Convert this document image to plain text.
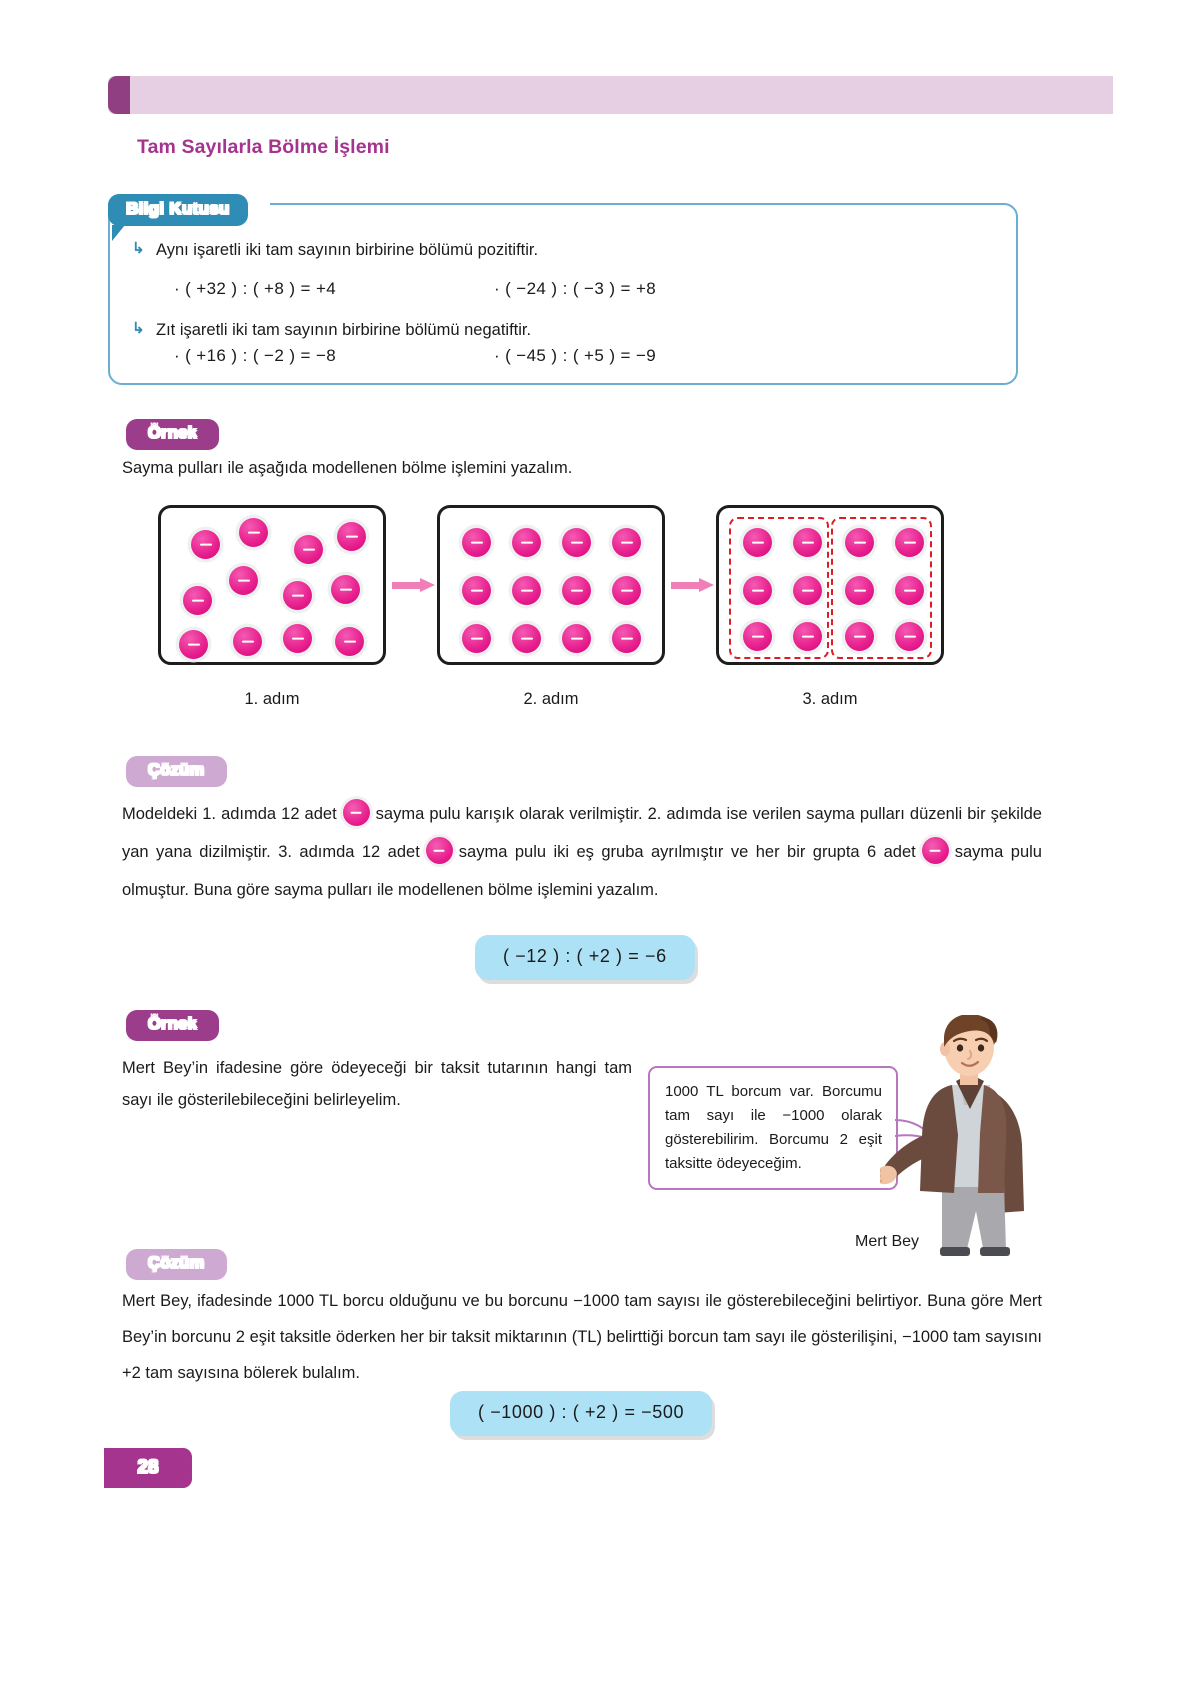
Tam Sayılarla Bölme İşlemi
Bilgi Kutusu
↳ Aynı işaretli iki tam sayının birbirine bölümü pozitiftir.
· ( +32 ) : ( +8 ) = +4	· ( −24 ) : ( −3 ) = +8
↳ Zıt işaretli iki tam sayının birbirine bölümü negatiftir.
· ( +16 ) : ( −2 ) = −8	· ( −45 ) : ( +5 ) = −9
Örnek
Sayma pulları ile aşağıda modellenen bölme işlemini yazalım.
1. adım	2. adım	3. adım
Çözüm
Modeldeki 1. adımda 12 adet sayma pulu karışık olarak verilmiştir. 2. adımda ise verilen sayma pulları düzenli bir şekilde yan yana dizilmiştir. 3. adımda 12 adet sayma pulu iki eş gruba ayrılmıştır ve her bir grupta 6 adet sayma pulu olmuştur. Buna göre sayma pulları ile modellenen bölme işlemini yazalım.
( −12 ) : ( +2 ) = −6
Örnek
Mert Bey’in ifadesine göre ödeyeceği bir taksit tutarının hangi tam sayı ile gösterilebileceğini belirleyelim.	1000 TL borcum var. Borcumu tam sayı ile −1000 olarak gösterebilirim. Borcumu 2 eşit taksitte ödeyeceğim.
Mert Bey
Çözüm
Mert Bey, ifadesinde 1000 TL borcu olduğunu ve bu borcunu −1000 tam sayısı ile gösterebileceğini belirtiyor. Buna göre Mert Bey’in borcunu 2 eşit taksitle öderken her bir taksit miktarının (TL) belirttiği borcun tam sayı ile gösterilişini, −1000 tam sayısını +2 tam sayısına bölerek bulalım.
( −1000 ) : ( +2 ) = −500
28
